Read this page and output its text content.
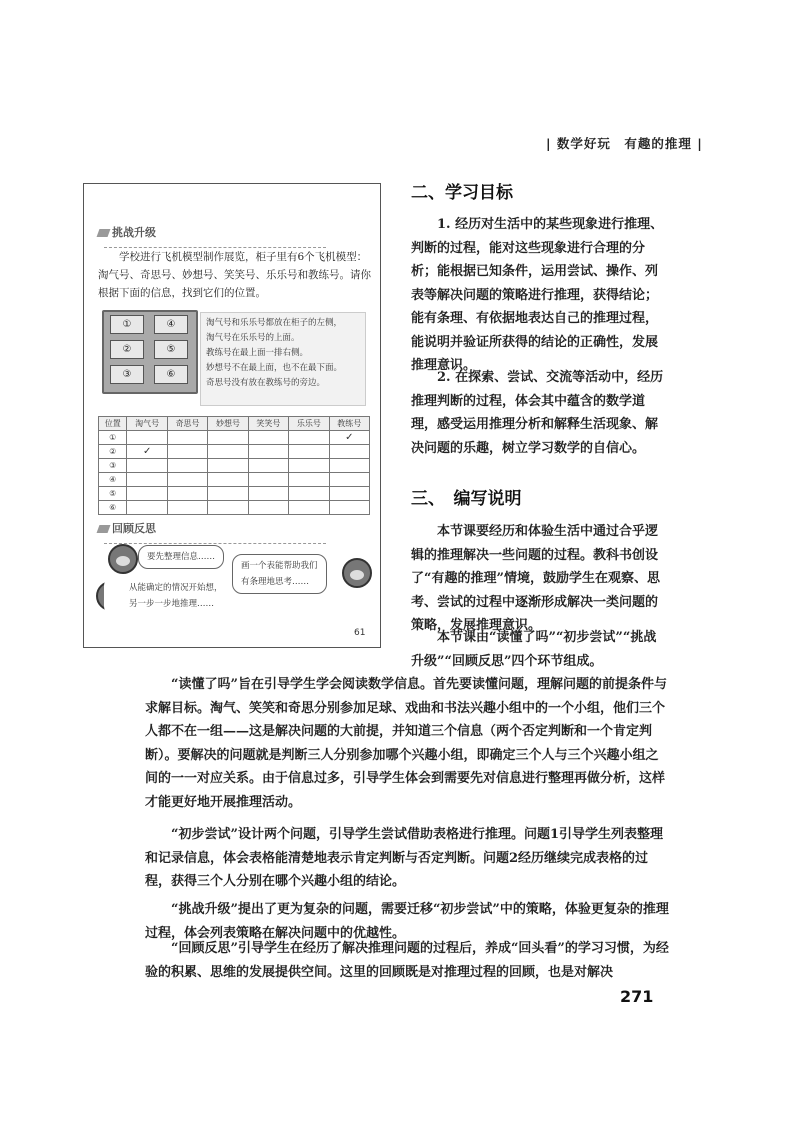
| 数学好玩　有趣的推理 |
挑战升级
学校进行飞机模型制作展览，柜子里有6个飞机模型：淘气号、奇思号、妙想号、笑笑号、乐乐号和教练号。请你根据下面的信息，找到它们的位置。
①	④
②	⑤
③	⑥
淘气号和乐乐号都放在柜子的左侧，
淘气号在乐乐号的上面。
教练号在最上面一排右侧。
妙想号不在最上面，也不在最下面。
奇思号没有放在教练号的旁边。
位置	淘气号	奇思号	妙想号	笑笑号	乐乐号	教练号
①						✓
②	✓					
③						
④						
⑤						
⑥						
回顾反思
要先整理信息……
从能确定的情况开始想，
另一步一步地推理……
画一个表能帮助我们
有条理地思考……
61
二、学习目标

1. 经历对生活中的某些现象进行推理、判断的过程，能对这些现象进行合理的分析；能根据已知条件，运用尝试、操作、列表等解决问题的策略进行推理，获得结论；能有条理、有依据地表达自己的推理过程，能说明并验证所获得的结论的正确性，发展推理意识。

2. 在探索、尝试、交流等活动中，经历推理判断的过程，体会其中蕴含的数学道理，感受运用推理分析和解释生活现象、解决问题的乐趣，树立学习数学的自信心。

三、　编写说明

本节课要经历和体验生活中通过合乎逻辑的推理解决一些问题的过程。教科书创设了“有趣的推理”情境，鼓励学生在观察、思考、尝试的过程中逐渐形成解决一类问题的策略，发展推理意识。

本节课由“读懂了吗”“初步尝试”“挑战升级”“回顾反思”四个环节组成。

“读懂了吗”旨在引导学生学会阅读数学信息。首先要读懂问题，理解问题的前提条件与求解目标。淘气、笑笑和奇思分别参加足球、戏曲和书法兴趣小组中的一个小组，他们三个人都不在一组——这是解决问题的大前提，并知道三个信息（两个否定判断和一个肯定判断）。要解决的问题就是判断三人分别参加哪个兴趣小组，即确定三个人与三个兴趣小组之间的一一对应关系。由于信息过多，引导学生体会到需要先对信息进行整理再做分析，这样才能更好地开展推理活动。

“初步尝试”设计两个问题，引导学生尝试借助表格进行推理。问题1引导学生列表整理和记录信息，体会表格能清楚地表示肯定判断与否定判断。问题2经历继续完成表格的过程，获得三个人分别在哪个兴趣小组的结论。

“挑战升级”提出了更为复杂的问题，需要迁移“初步尝试”中的策略，体验更复杂的推理过程，体会列表策略在解决问题中的优越性。

“回顾反思”引导学生在经历了解决推理问题的过程后，养成“回头看”的学习习惯，为经验的积累、思维的发展提供空间。这里的回顾既是对推理过程的回顾，也是对解决

271
